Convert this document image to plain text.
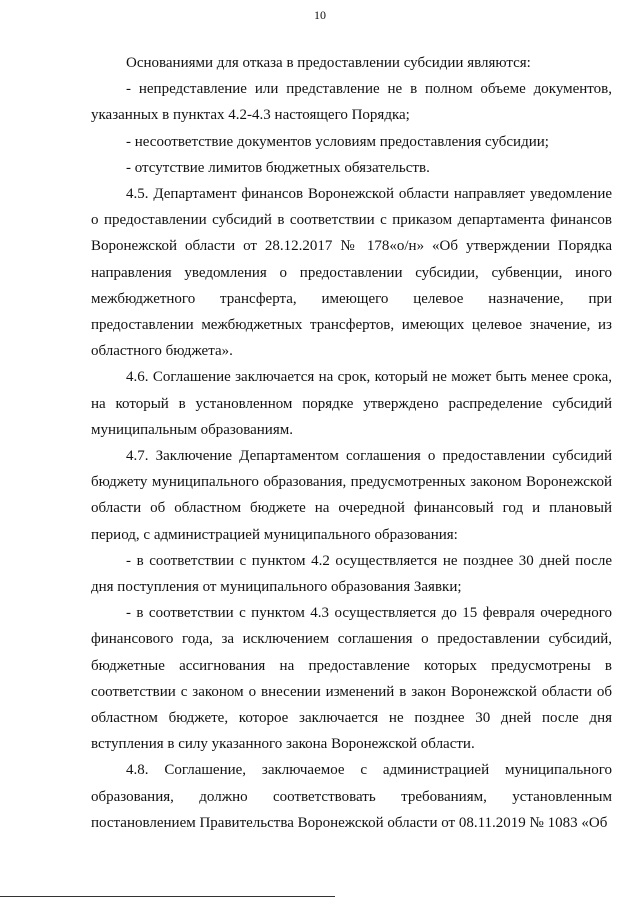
10

Основаниями для отказа в предоставлении субсидии являются:

- непредставление или представление не в полном объеме документов, указанных в пунктах 4.2-4.3 настоящего Порядка;

- несоответствие документов условиям предоставления субсидии;

- отсутствие лимитов бюджетных обязательств.

4.5. Департамент финансов Воронежской области направляет уведомление о предоставлении субсидий в соответствии с приказом департамента финансов Воронежской области от 28.12.2017 № 178«о/н» «Об утверждении Порядка направления уведомления о предоставлении субсидии, субвенции, иного межбюджетного трансферта, имеющего целевое назначение, при предоставлении межбюджетных трансфертов, имеющих целевое значение, из областного бюджета».

4.6. Соглашение заключается на срок, который не может быть менее срока, на который в установленном порядке утверждено распределение субсидий муниципальным образованиям.

4.7. Заключение Департаментом соглашения о предоставлении субсидий бюджету муниципального образования, предусмотренных законом Воронежской области об областном бюджете на очередной финансовый год и плановый период, с администрацией муниципального образования:

- в соответствии с пунктом 4.2 осуществляется не позднее 30 дней после дня поступления от муниципального образования Заявки;

- в соответствии с пунктом 4.3 осуществляется до 15 февраля очередного финансового года, за исключением соглашения о предоставлении субсидий, бюджетные ассигнования на предоставление которых предусмотрены в соответствии с законом о внесении изменений в закон Воронежской области об областном бюджете, которое заключается не позднее 30 дней после дня вступления в силу указанного закона Воронежской области.

4.8. Соглашение, заключаемое с администрацией муниципального образования, должно соответствовать требованиям, установленным постановлением Правительства Воронежской области от 08.11.2019 № 1083 «Об
